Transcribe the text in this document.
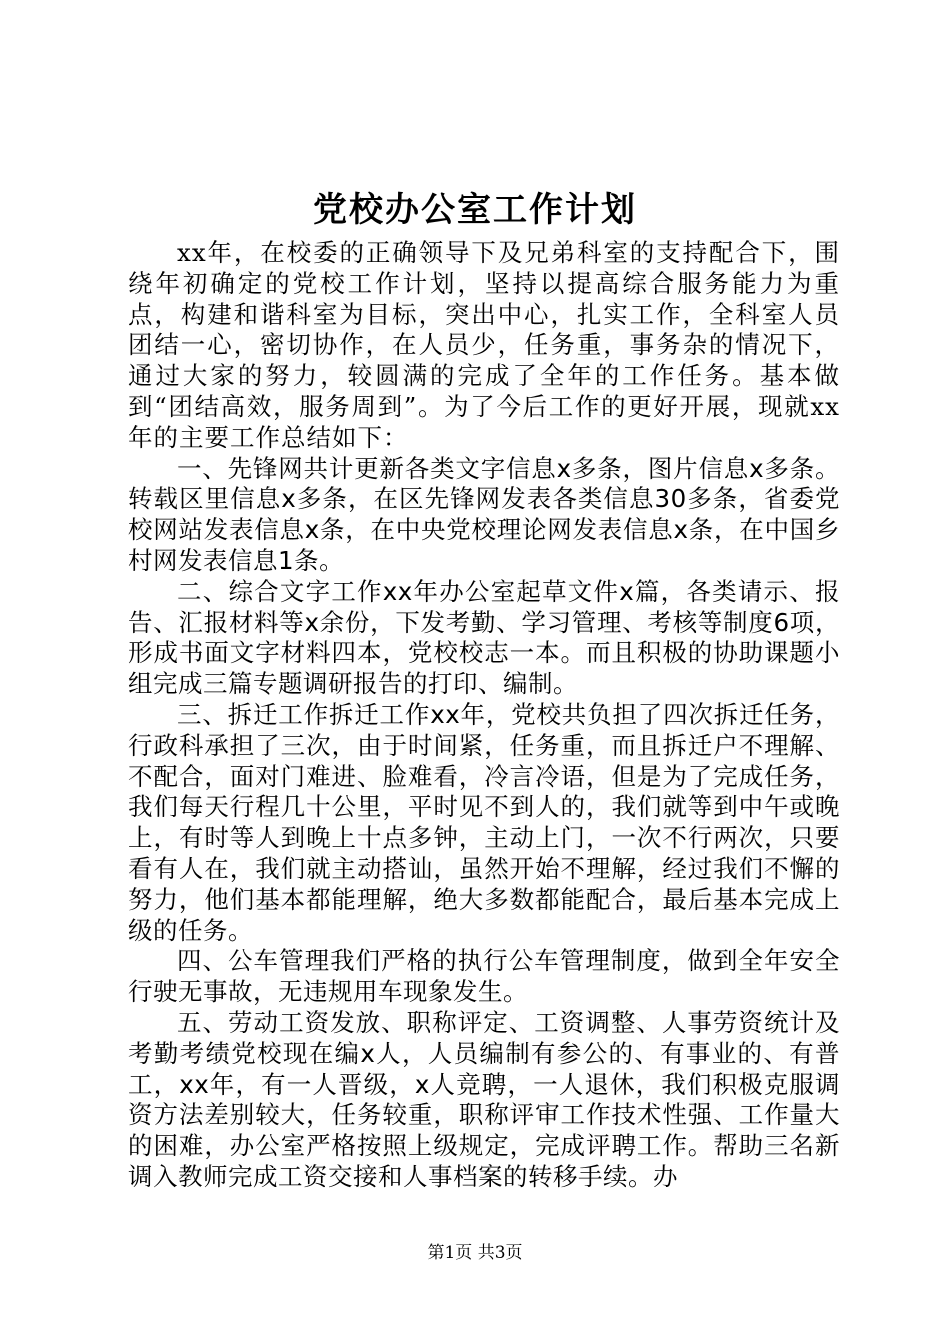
党校办公室工作计划

xx年，在校委的正确领导下及兄弟科室的支持配合下，围绕年初确定的党校工作计划，坚持以提高综合服务能力为重点，构建和谐科室为目标，突出中心，扎实工作，全科室人员团结一心，密切协作，在人员少，任务重，事务杂的情况下，通过大家的努力，较圆满的完成了全年的工作任务。基本做到“团结高效，服务周到”。为了今后工作的更好开展，现就xx年的主要工作总结如下：

一、先锋网共计更新各类文字信息x多条，图片信息x多条。转载区里信息x多条，在区先锋网发表各类信息30多条，省委党校网站发表信息x条，在中央党校理论网发表信息x条，在中国乡村网发表信息1条。

二、综合文字工作xx年办公室起草文件x篇，各类请示、报告、汇报材料等x余份，下发考勤、学习管理、考核等制度6项，形成书面文字材料四本，党校校志一本。而且积极的协助课题小组完成三篇专题调研报告的打印、编制。

三、拆迁工作拆迁工作xx年，党校共负担了四次拆迁任务，行政科承担了三次，由于时间紧，任务重，而且拆迁户不理解、不配合，面对门难进、脸难看，冷言冷语，但是为了完成任务，我们每天行程几十公里，平时见不到人的，我们就等到中午或晚上，有时等人到晚上十点多钟，主动上门，一次不行两次，只要看有人在，我们就主动搭讪，虽然开始不理解，经过我们不懈的努力，他们基本都能理解，绝大多数都能配合，最后基本完成上级的任务。

四、公车管理我们严格的执行公车管理制度，做到全年安全行驶无事故，无违规用车现象发生。

五、劳动工资发放、职称评定、工资调整、人事劳资统计及考勤考绩党校现在编x人，人员编制有参公的、有事业的、有普工，xx年，有一人晋级，x人竞聘，一人退休，我们积极克服调资方法差别较大，任务较重，职称评审工作技术性强、工作量大的困难，办公室严格按照上级规定，完成评聘工作。帮助三名新调入教师完成工资交接和人事档案的转移手续。办

第1页 共3页
